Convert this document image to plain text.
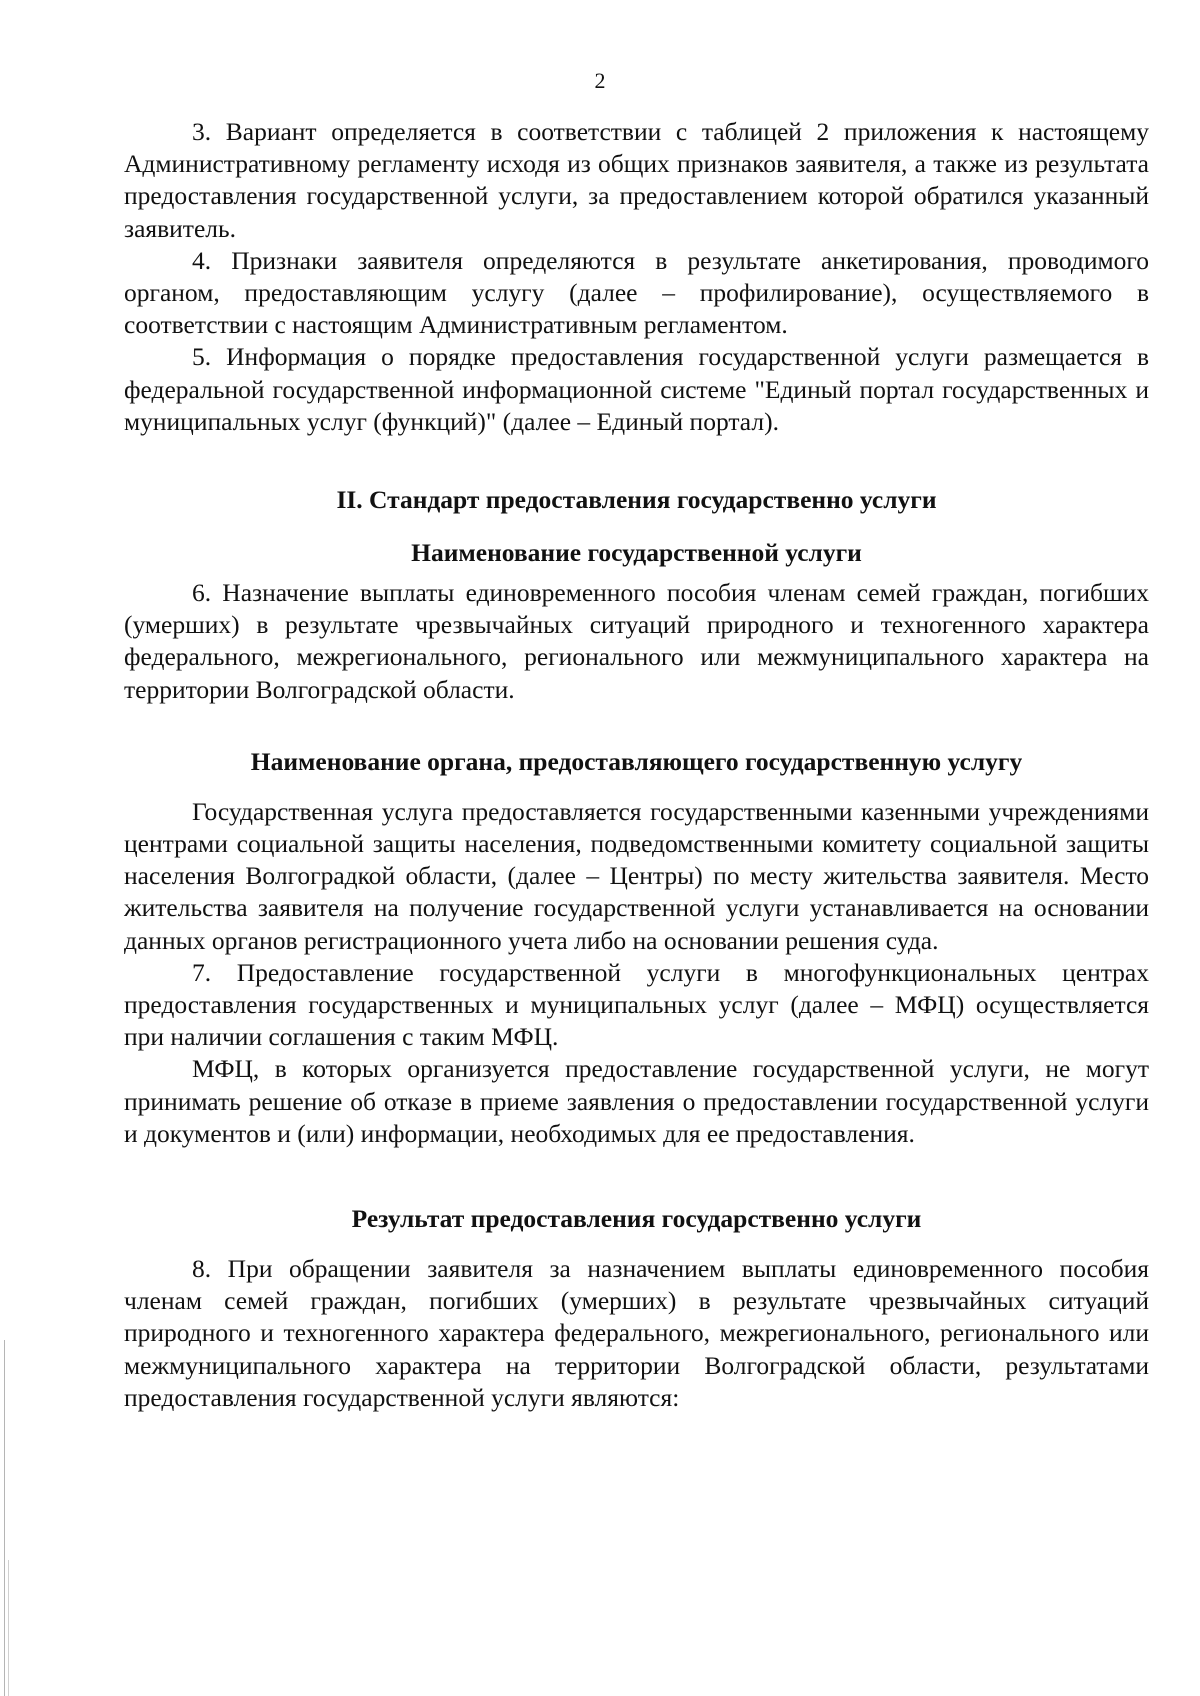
2

3. Вариант определяется в соответствии с таблицей 2 приложения к настоящему Административному регламенту исходя из общих признаков заявителя, а также из результата предоставления государственной услуги, за предоставлением которой обратился указанный заявитель.

4. Признаки заявителя определяются в результате анкетирования, проводимого органом, предоставляющим услугу (далее – профилирование), осуществляемого в соответствии с настоящим Административным регламентом.

5. Информация о порядке предоставления государственной услуги размещается в федеральной государственной информационной системе "Единый портал государственных и муниципальных услуг (функций)" (далее – Единый портал).

II. Стандарт предоставления государственно услуги
Наименование государственной услуги

6. Назначение выплаты единовременного пособия членам семей граждан, погибших (умерших) в результате чрезвычайных ситуаций природного и техногенного характера федерального, межрегионального, регионального или межмуниципального характера на территории Волгоградской области.

Наименование органа, предоставляющего государственную услугу

Государственная услуга предоставляется государственными казенными учреждениями центрами социальной защиты населения, подведомственными комитету социальной защиты населения Волгоградкой области, (далее – Центры) по месту жительства заявителя. Место жительства заявителя на получение государственной услуги устанавливается на основании данных органов регистрационного учета либо на основании решения суда.

7. Предоставление государственной услуги в многофункциональных центрах предоставления государственных и муниципальных услуг (далее – МФЦ) осуществляется при наличии соглашения с таким МФЦ.

МФЦ, в которых организуется предоставление государственной услуги, не могут принимать решение об отказе в приеме заявления о предоставлении государственной услуги и документов и (или) информации, необходимых для ее предоставления.

Результат предоставления государственно услуги

8. При обращении заявителя за назначением выплаты единовременного пособия членам семей граждан, погибших (умерших) в результате чрезвычайных ситуаций природного и техногенного характера федерального, межрегионального, регионального или межмуниципального характера на территории Волгоградской области, результатами предоставления государственной услуги являются:
